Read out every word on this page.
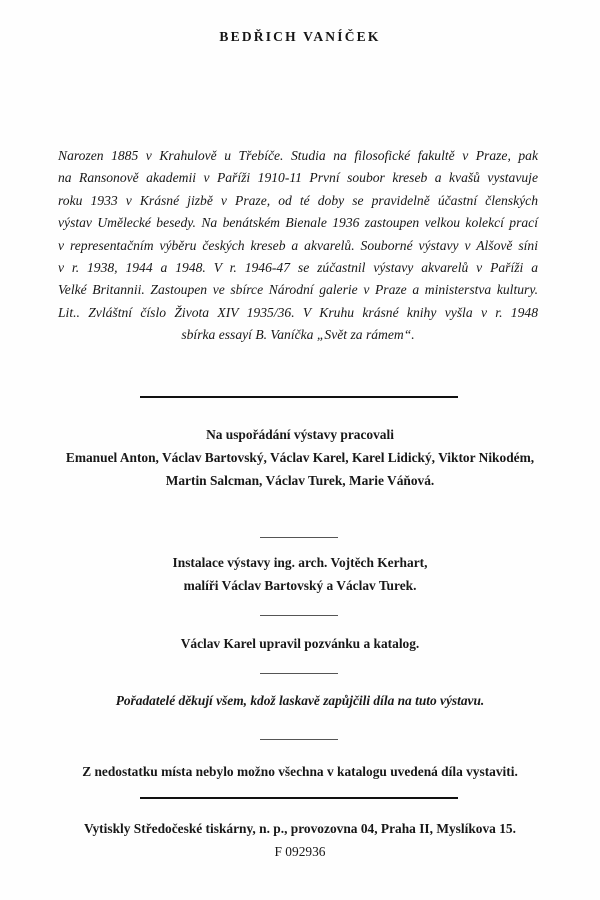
BEDŘICH VANÍČEK
Narozen 1885 v Krahulově u Třebíče. Studia na filosofické fakultě v Praze, pak
na Ransonově akademii v Paříži 1910-11 První soubor kreseb a kvašů vystavuje
roku 1933 v Krásné jizbě v Praze, od té doby se pravidelně účastní členských
výstav Umělecké besedy. Na benátském Bienale 1936 zastoupen velkou kolekcí prací
v representačním výběru českých kreseb a akvarelů. Souborné výstavy v Alšově síni
v r. 1938, 1944 a 1948. V r. 1946-47 se zúčastnil výstavy akvarelů v Paříži a
Velké Britannii. Zastoupen ve sbírce Národní galerie v Praze a ministerstva kultury.
Lit.. Zvláštní číslo Života XIV 1935/36. V Kruhu krásné knihy vyšla v r. 1948
sbírka essayí B. Vaníčka „Svět za rámem“.
Na uspořádání výstavy pracovali
Emanuel Anton, Václav Bartovský, Václav Karel, Karel Lidický, Viktor Nikodém,
Martin Salcman, Václav Turek, Marie Váňová.
Instalace výstavy ing. arch. Vojtěch Kerhart,
malíři Václav Bartovský a Václav Turek.
Václav Karel upravil pozvánku a katalog.
Pořadatelé děkují všem, kdož laskavě zapůjčili díla na tuto výstavu.
Z nedostatku místa nebylo možno všechna v katalogu uvedená díla vystaviti.
Vytiskly Středočeské tiskárny, n. p., provozovna 04, Praha II, Myslíkova 15.
F 092936
